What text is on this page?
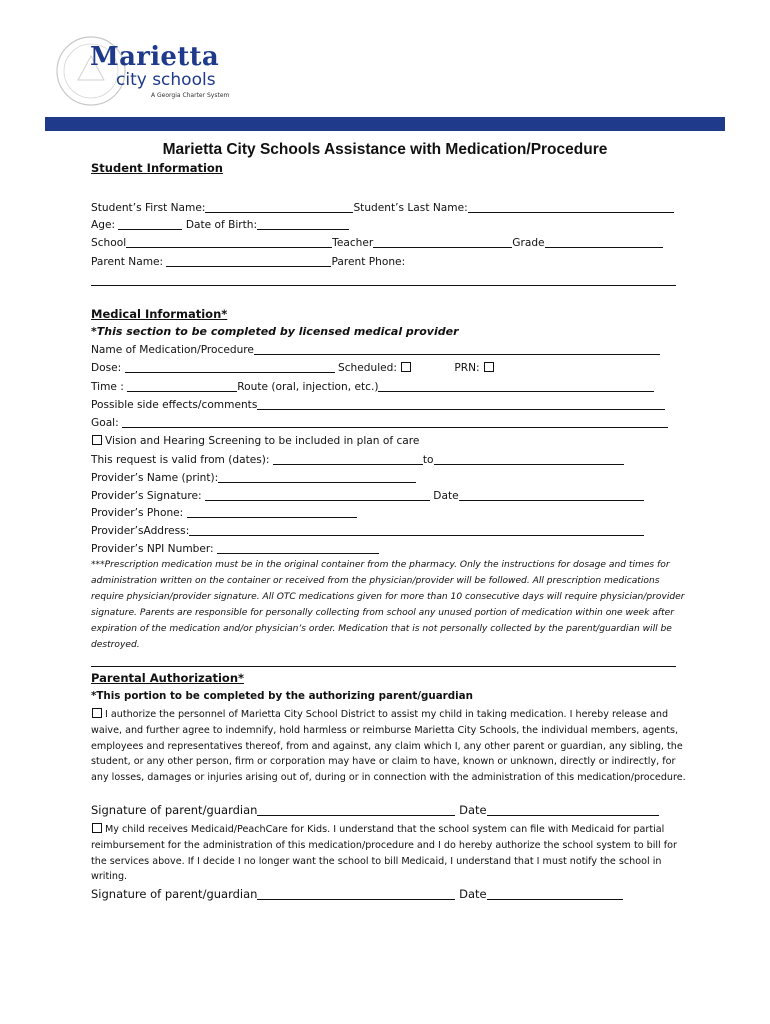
Marietta
city schools
A Georgia Charter System
Marietta City Schools Assistance with Medication/Procedure
Student Information
Student’s First Name:	Student’s Last Name:
Age:	Date of Birth:
School	Teacher	Grade
Parent Name:	Parent Phone:
Medical Information*
*This section to be completed by licensed medical provider
Name of Medication/Procedure
Dose:	Scheduled:	PRN:
Time :	Route (oral, injection, etc.)
Possible side effects/comments
Goal:
Vision and Hearing Screening to be included in plan of care
This request is valid from (dates):	to
Provider’s Name (print):
Provider’s Signature:	Date
Provider’s Phone:
Provider’sAddress:
Provider’s NPI Number:
***Prescription medication must be in the original container from the pharmacy. Only the instructions for dosage and times for administration written on the container or received from the physician/provider will be followed. All prescription medications require physician/provider signature. All OTC medications given for more than 10 consecutive days will require physician/provider signature. Parents are responsible for personally collecting from school any unused portion of medication within one week after expiration of the medication and/or physician’s order. Medication that is not personally collected by the parent/guardian will be destroyed.
Parental Authorization*
*This portion to be completed by the authorizing parent/guardian
I authorize the personnel of Marietta City School District to assist my child in taking medication. I hereby release and waive, and further agree to indemnify, hold harmless or reimburse Marietta City Schools, the individual members, agents, employees and representatives thereof, from and against, any claim which I, any other parent or guardian, any sibling, the student, or any other person, firm or corporation may have or claim to have, known or unknown, directly or indirectly, for any losses, damages or injuries arising out of, during or in connection with the administration of this medication/procedure.
Signature of parent/guardian	Date
My child receives Medicaid/PeachCare for Kids. I understand that the school system can file with Medicaid for partial reimbursement for the administration of this medication/procedure and I do hereby authorize the school system to bill for the services above. If I decide I no longer want the school to bill Medicaid, I understand that I must notify the school in writing.
Signature of parent/guardian	Date
